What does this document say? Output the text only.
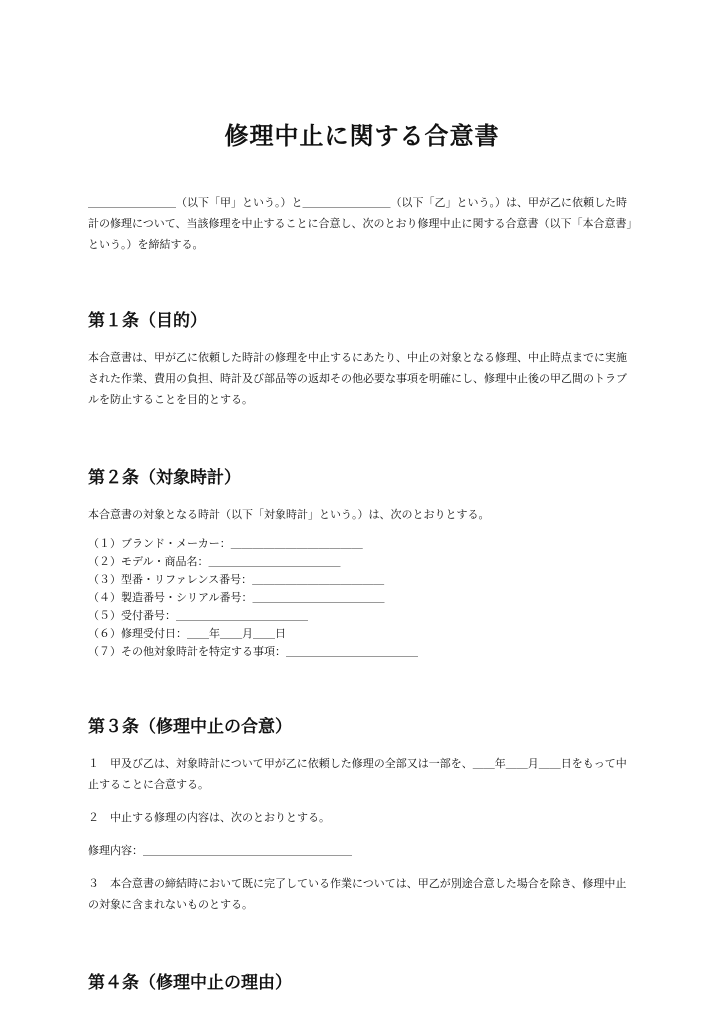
修理中止に関する合意書

＿＿＿＿＿＿＿＿（以下「甲」という。）と＿＿＿＿＿＿＿＿（以下「乙」という。）は、甲が乙に依頼した時計の修理について、当該修理を中止することに合意し、次のとおり修理中止に関する合意書（以下「本合意書」という。）を締結する。

第１条（目的）

本合意書は、甲が乙に依頼した時計の修理を中止するにあたり、中止の対象となる修理、中止時点までに実施された作業、費用の負担、時計及び部品等の返却その他必要な事項を明確にし、修理中止後の甲乙間のトラブルを防止することを目的とする。

第２条（対象時計）

本合意書の対象となる時計（以下「対象時計」という。）は、次のとおりとする。

（１）ブランド・メーカー：＿＿＿＿＿＿＿＿＿＿＿＿
（２）モデル・商品名：＿＿＿＿＿＿＿＿＿＿＿＿
（３）型番・リファレンス番号：＿＿＿＿＿＿＿＿＿＿＿＿
（４）製造番号・シリアル番号：＿＿＿＿＿＿＿＿＿＿＿＿
（５）受付番号：＿＿＿＿＿＿＿＿＿＿＿＿
（６）修理受付日：＿＿年＿＿月＿＿日
（７）その他対象時計を特定する事項：＿＿＿＿＿＿＿＿＿＿＿＿
第３条（修理中止の合意）

１　甲及び乙は、対象時計について甲が乙に依頼した修理の全部又は一部を、＿＿年＿＿月＿＿日をもって中止することに合意する。

２　中止する修理の内容は、次のとおりとする。

修理内容：＿＿＿＿＿＿＿＿＿＿＿＿＿＿＿＿＿＿＿

３　本合意書の締結時において既に完了している作業については、甲乙が別途合意した場合を除き、修理中止の対象に含まれないものとする。

第４条（修理中止の理由）
